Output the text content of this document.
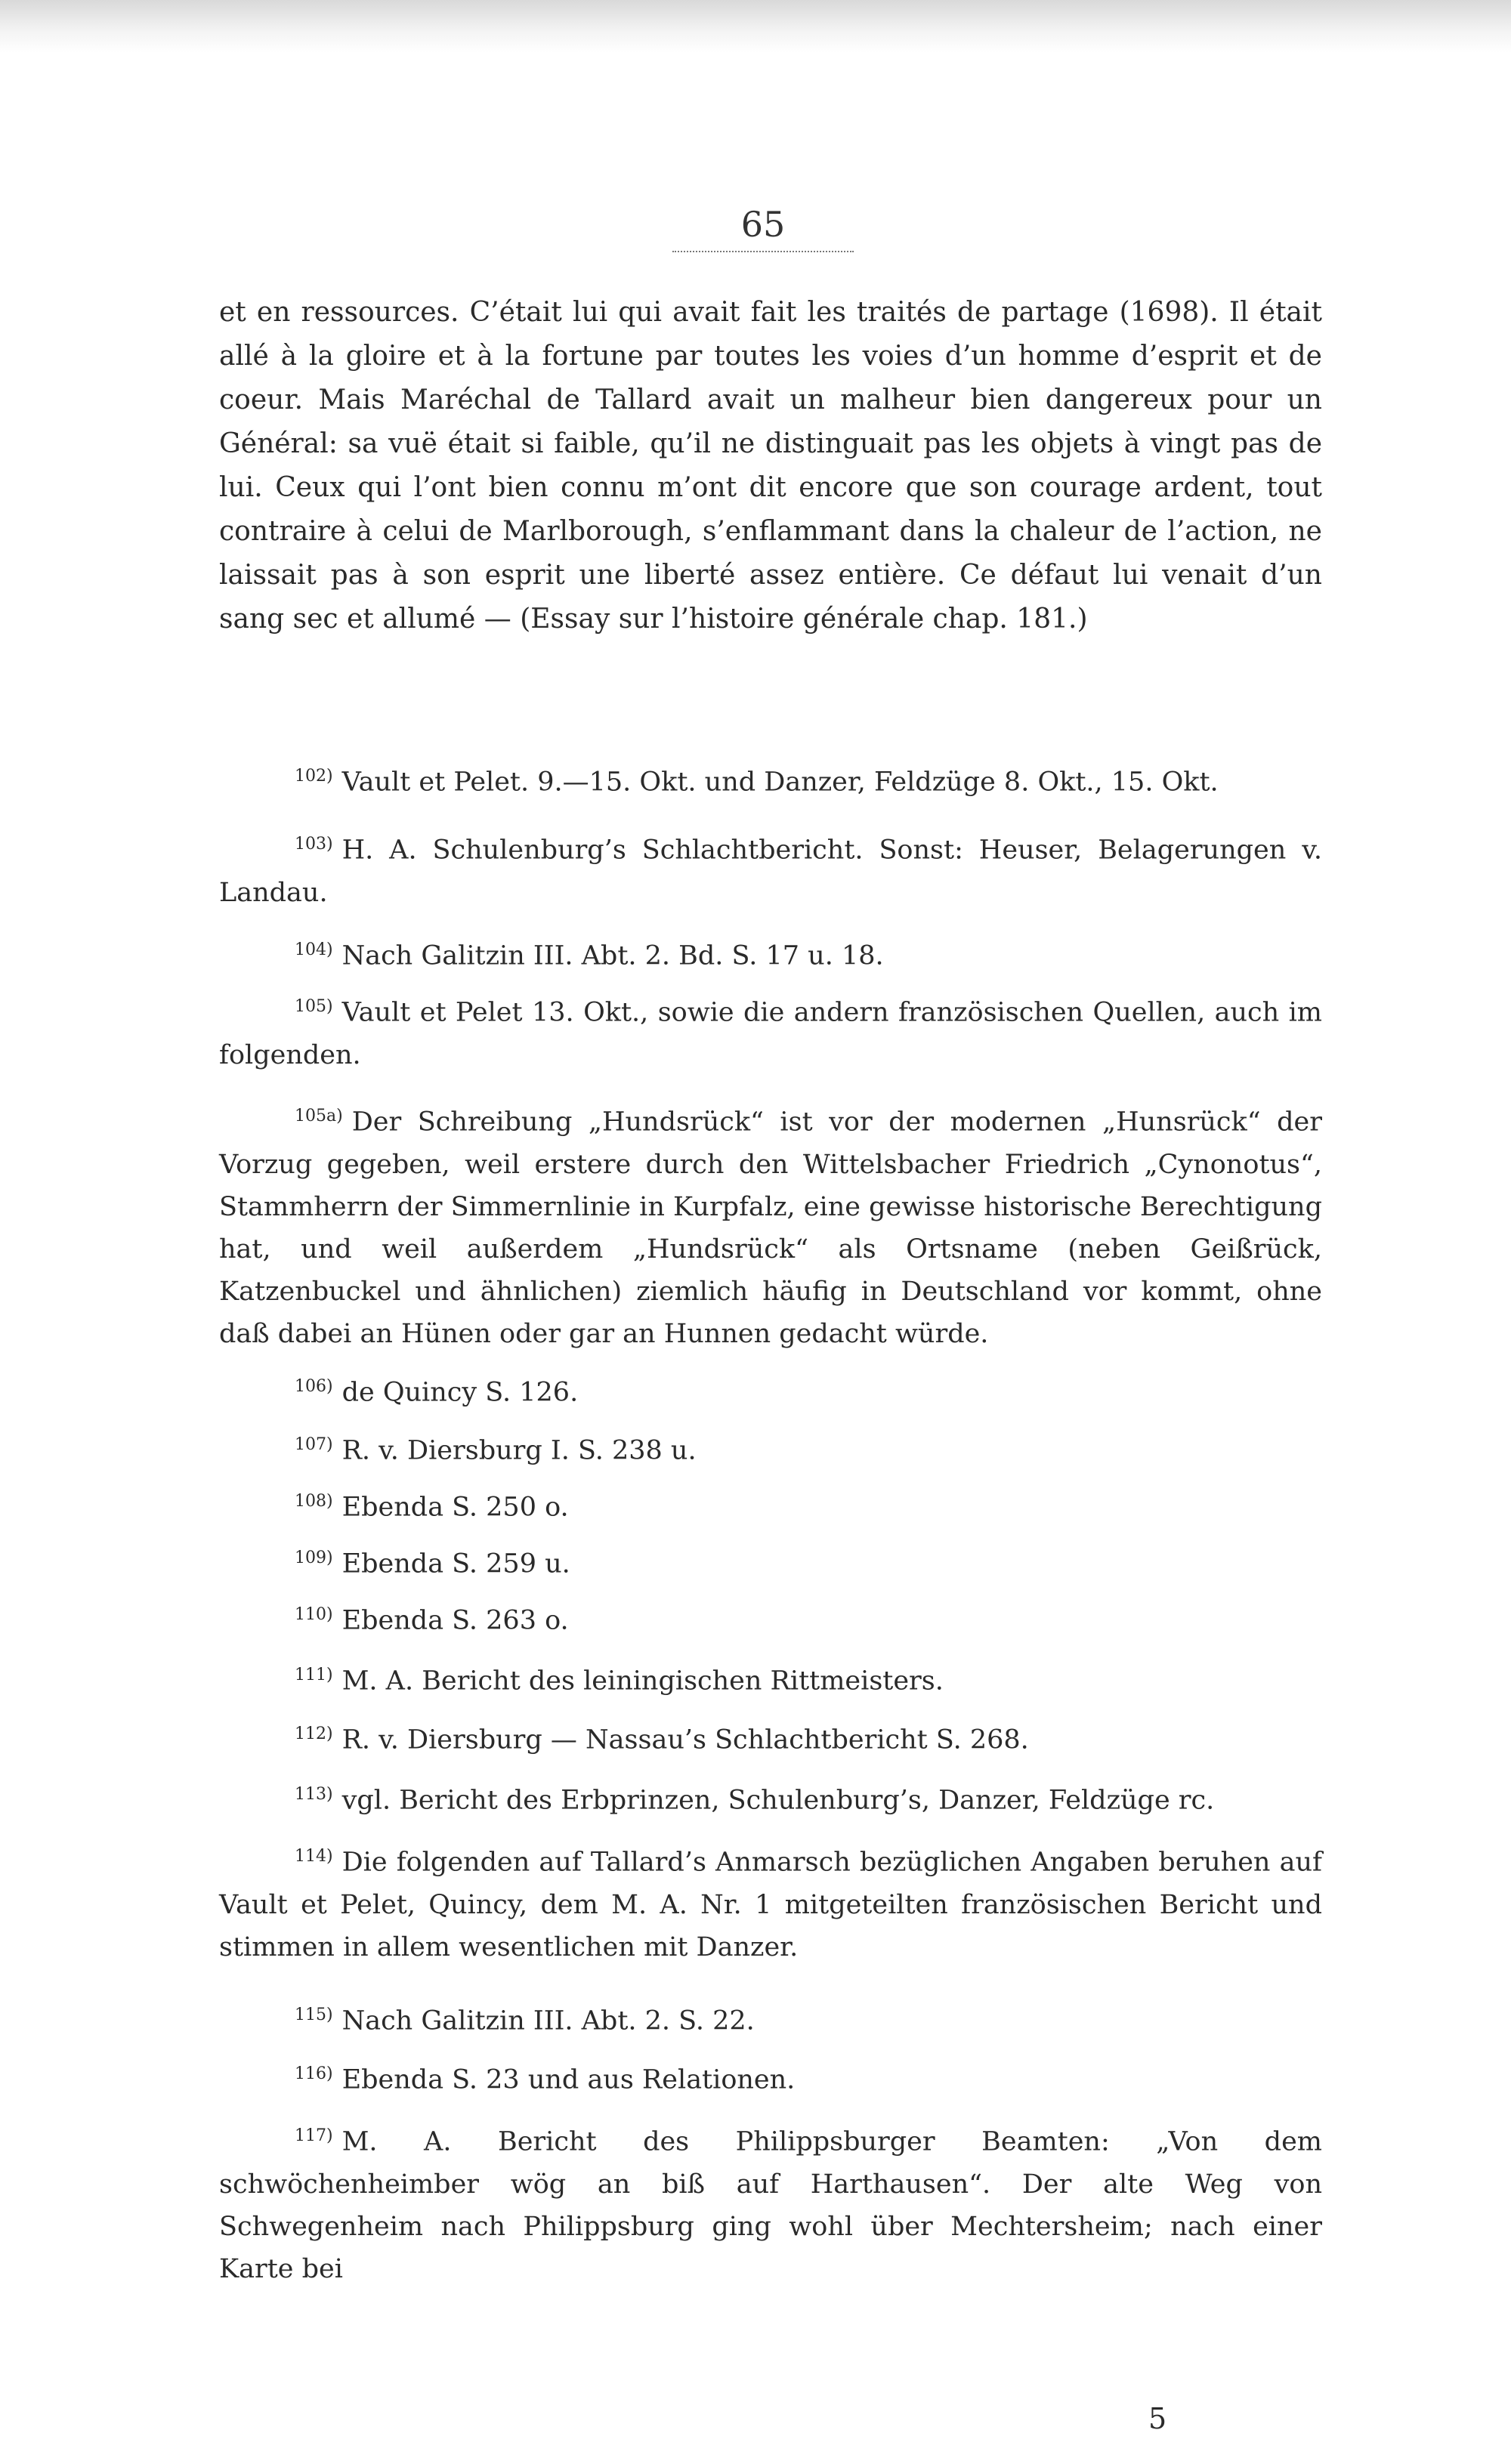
65
et en ressources. C’était lui qui avait fait les traités de partage (1698). Il était allé à la gloire et à la fortune par toutes les voies d’un homme d’esprit et de coeur. Mais Maréchal de Tallard avait un malheur bien dangereux pour un Général: sa vuë était si faible, qu’il ne distinguait pas les objets à vingt pas de lui. Ceux qui l’ont bien connu m’ont dit encore que son courage ardent, tout contraire à celui de Marlborough, s’enflammant dans la chaleur de l’action, ne laissait pas à son esprit une liberté assez entière. Ce défaut lui venait d’un sang sec et allumé — (Essay sur l’histoire générale chap. 181.)
$^{102)}$ Vault et Pelet. 9.—15. Okt. und Danzer, Feldzüge 8. Okt., 15. Okt.
$^{103)}$ H. A. Schulenburg’s Schlachtbericht. Sonst: Heuser, Belagerungen v. Landau.
$^{104)}$ Nach Galitzin III. Abt. 2. Bd. S. 17 u. 18.
$^{105)}$ Vault et Pelet 13. Okt., sowie die andern französischen Quellen, auch im folgenden.
$^{105a)}$ Der Schreibung „Hundsrück“ ist vor der modernen „Hunsrück“ der Vorzug gegeben, weil erstere durch den Wittelsbacher Friedrich „Cynonotus“, Stammherrn der Simmernlinie in Kurpfalz, eine gewisse historische Berechtigung hat, und weil außerdem „Hundsrück“ als Ortsname (neben Geißrück, Katzenbuckel und ähnlichen) ziemlich häufig in Deutschland vor kommt, ohne daß dabei an Hünen oder gar an Hunnen gedacht würde.
$^{106)}$ de Quincy S. 126.
$^{107)}$ R. v. Diersburg I. S. 238 u.
$^{108)}$ Ebenda S. 250 o.
$^{109)}$ Ebenda S. 259 u.
$^{110)}$ Ebenda S. 263 o.
$^{111)}$ M. A. Bericht des leiningischen Rittmeisters.
$^{112)}$ R. v. Diersburg — Nassau’s Schlachtbericht S. 268.
$^{113)}$ vgl. Bericht des Erbprinzen, Schulenburg’s, Danzer, Feldzüge rc.
$^{114)}$ Die folgenden auf Tallard’s Anmarsch bezüglichen Angaben beruhen auf Vault et Pelet, Quincy, dem M. A. Nr. 1 mitgeteilten französischen Bericht und stimmen in allem wesentlichen mit Danzer.
$^{115)}$ Nach Galitzin III. Abt. 2. S. 22.
$^{116)}$ Ebenda S. 23 und aus Relationen.
$^{117)}$ M. A. Bericht des Philippsburger Beamten: „Von dem schwöchenheimber wög an biß auf Harthausen“. Der alte Weg von Schwegenheim nach Philippsburg ging wohl über Mechtersheim; nach einer Karte bei
5
